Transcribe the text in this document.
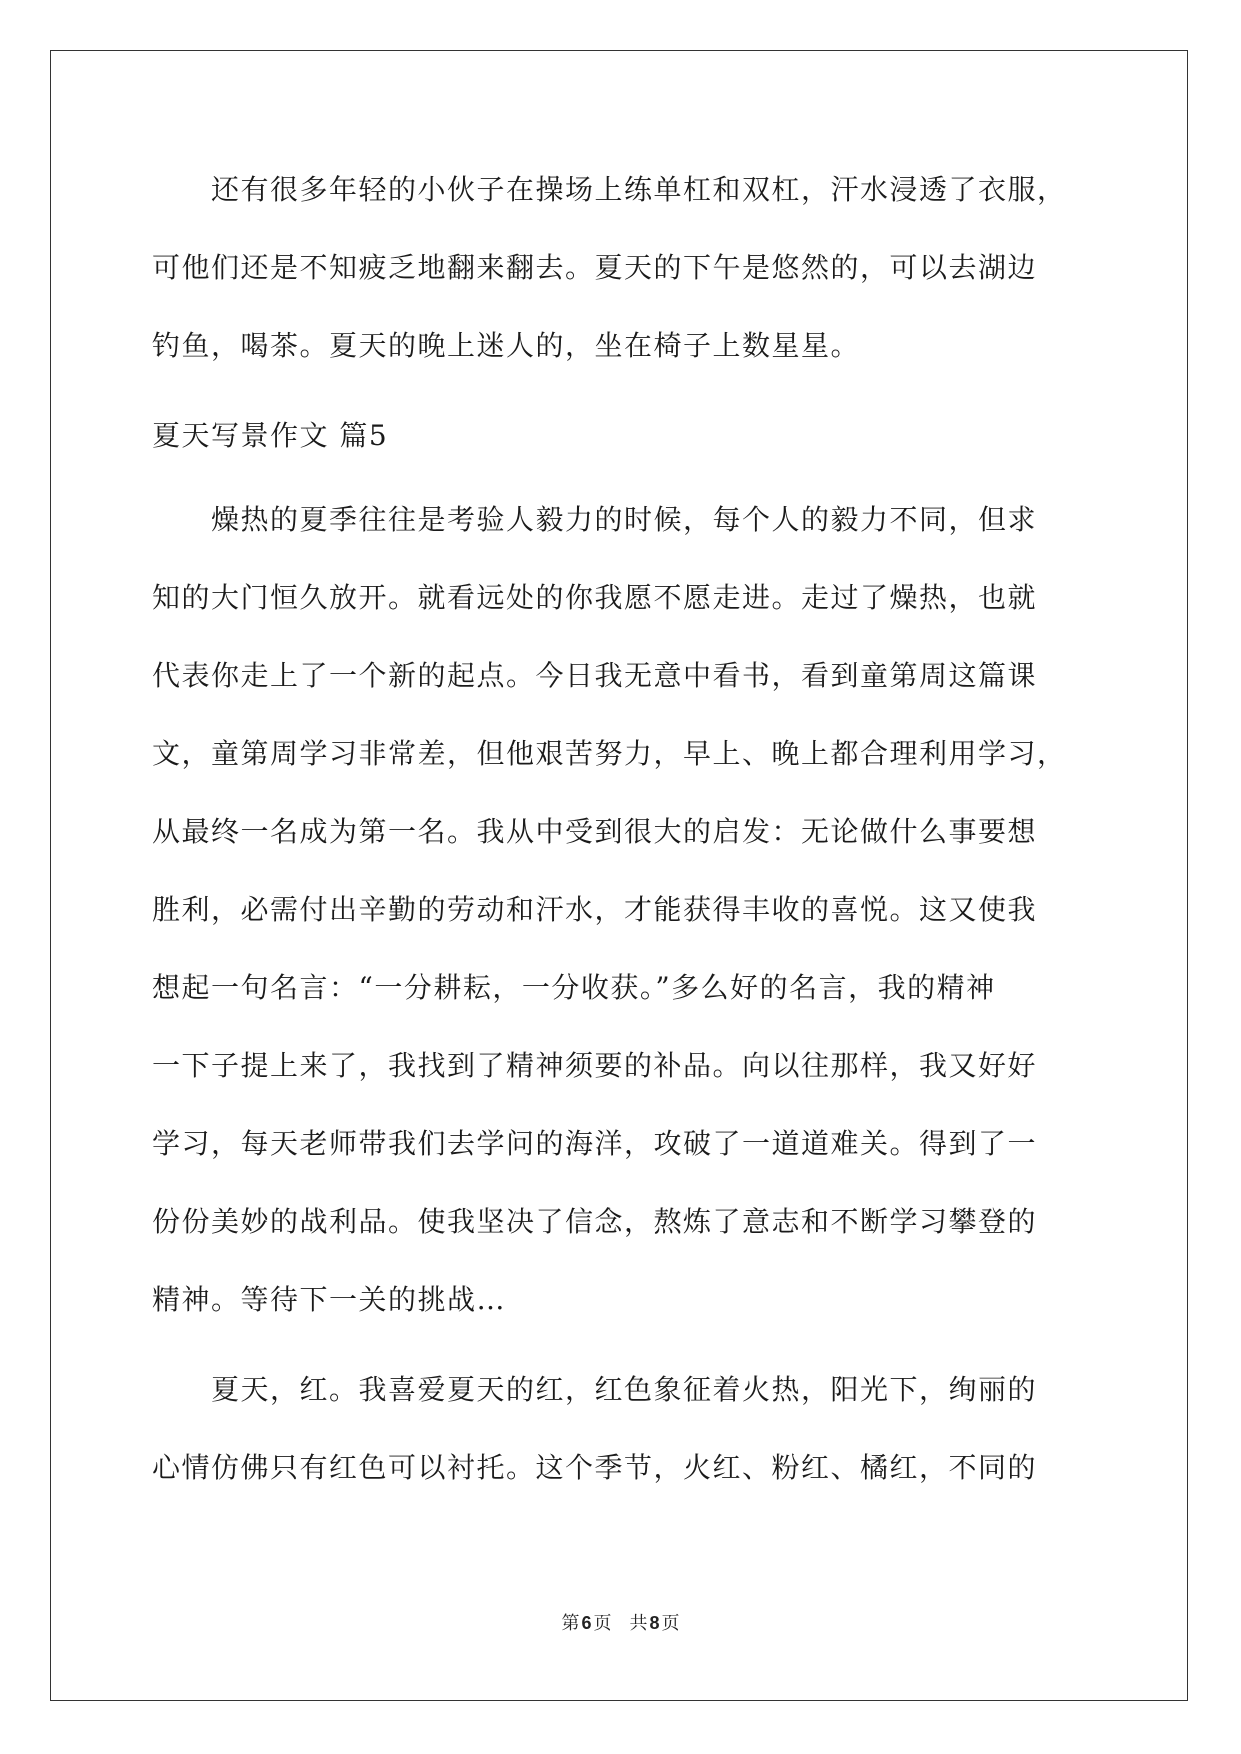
　　还有很多年轻的小伙子在操场上练单杠和双杠，汗水浸透了衣服，
可他们还是不知疲乏地翻来翻去。夏天的下午是悠然的，可以去湖边
钓鱼，喝茶。夏天的晚上迷人的，坐在椅子上数星星。
夏天写景作文 篇5
　　燥热的夏季往往是考验人毅力的时候，每个人的毅力不同，但求
知的大门恒久放开。就看远处的你我愿不愿走进。走过了燥热，也就
代表你走上了一个新的起点。今日我无意中看书，看到童第周这篇课
文，童第周学习非常差，但他艰苦努力，早上、晚上都合理利用学习，
从最终一名成为第一名。我从中受到很大的启发：无论做什么事要想
胜利，必需付出辛勤的劳动和汗水，才能获得丰收的喜悦。这又使我
想起一句名言：“一分耕耘，一分收获。”多么好的名言，我的精神
一下子提上来了，我找到了精神须要的补品。向以往那样，我又好好
学习，每天老师带我们去学问的海洋，攻破了一道道难关。得到了一
份份美妙的战利品。使我坚决了信念，熬炼了意志和不断学习攀登的
精神。等待下一关的挑战…
　　夏天，红。我喜爱夏天的红，红色象征着火热，阳光下，绚丽的
心情仿佛只有红色可以衬托。这个季节，火红、粉红、橘红，不同的
第 6 页 共 8 页
